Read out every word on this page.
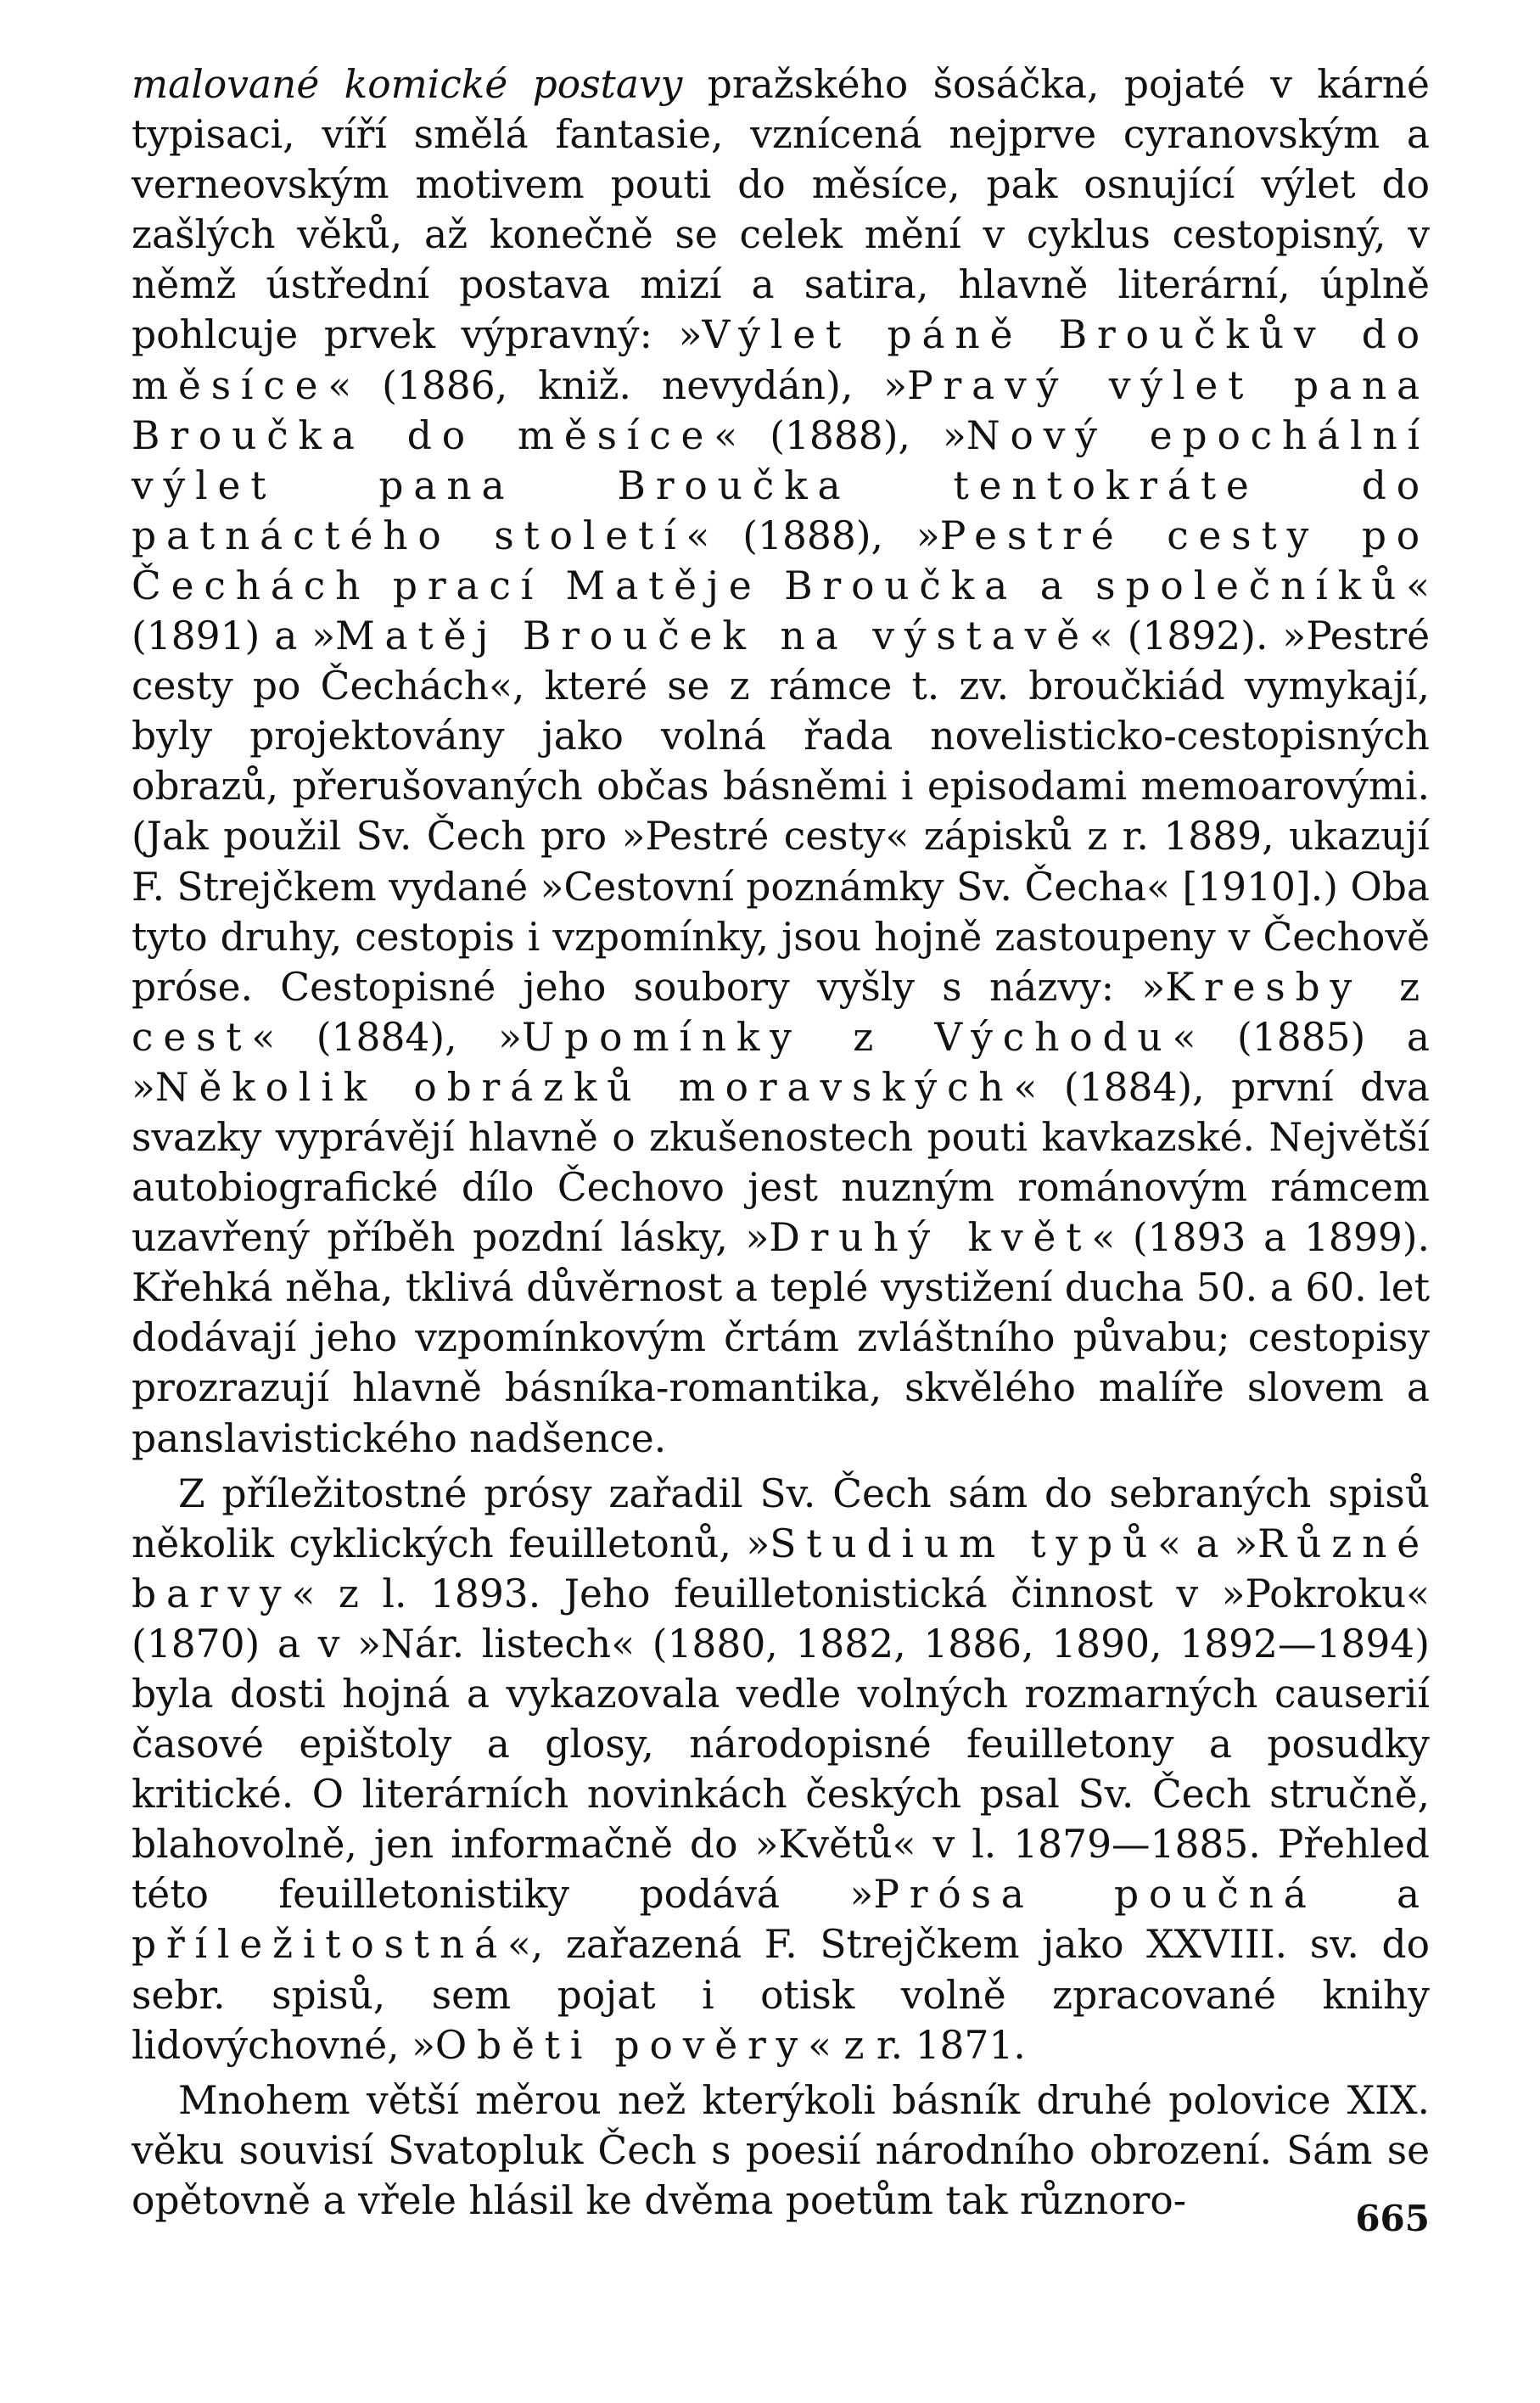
malované komické postavy pražského šosáčka, pojaté v kárné typisaci, víří smělá fantasie, vznícená nejprve cyranovským a verneovským motivem pouti do měsíce, pak osnující výlet do zašlých věků, až konečně se celek mění v cyklus cestopisný, v němž ústřední postava mizí a satira, hlavně literární, úplně pohlcuje prvek výpravný: »Výlet páně Broučkův do měsíce« (1886, kniž. nevydán), »Pravý výlet pana Broučka do měsíce« (1888), »Nový epochální výlet pana Broučka tentokráte do patnáctého století« (1888), »Pestré cesty po Čechách prací Matěje Broučka a společníků« (1891) a »Matěj Brouček na výstavě« (1892). »Pestré cesty po Čechách«, které se z rámce t. zv. broučkiád vymykají, byly projektovány jako volná řada novelisticko-cestopisných obrazů, přerušovaných občas básněmi i episodami memoarovými. (Jak použil Sv. Čech pro »Pestré cesty« zápisků z r. 1889, ukazují F. Strejčkem vydané »Cestovní poznámky Sv. Čecha« [1910].) Oba tyto druhy, cestopis i vzpomínky, jsou hojně zastoupeny v Čechově próse. Cestopisné jeho soubory vyšly s názvy: »Kresby z cest« (1884), »Upomínky z Východu« (1885) a »Několik obrázků moravských« (1884), první dva svazky vyprávějí hlavně o zkušenostech pouti kavkazské. Největší autobiografické dílo Čechovo jest nuzným románovým rámcem uzavřený příběh pozdní lásky, »Druhý květ« (1893 a 1899). Křehká něha, tklivá důvěrnost a teplé vystižení ducha 50. a 60. let dodávají jeho vzpomínkovým črtám zvláštního půvabu; cestopisy prozrazují hlavně básníka-romantika, skvělého malíře slovem a panslavistického nadšence.

Z příležitostné prósy zařadil Sv. Čech sám do sebraných spisů několik cyklických feuilletonů, »Studium typů« a »Různé barvy« z l. 1893. Jeho feuilletonistická činnost v »Pokroku« (1870) a v »Nár. listech« (1880, 1882, 1886, 1890, 1892—1894) byla dosti hojná a vykazovala vedle volných rozmarných causerií časové epištoly a glosy, národopisné feuilletony a posudky kritické. O literárních novinkách českých psal Sv. Čech stručně, blahovolně, jen informačně do »Květů« v l. 1879—1885. Přehled této feuilletonistiky podává »Prósa poučná a příležitostná«, zařazená F. Strejčkem jako XXVIII. sv. do sebr. spisů, sem pojat i otisk volně zpracované knihy lidovýchovné, »Oběti pověry« z r. 1871.

Mnohem větší měrou než kterýkoli básník druhé polovice XIX. věku souvisí Svatopluk Čech s poesií národního obrození. Sám se opětovně a vřele hlásil ke dvěma poetům tak různoro-	665
